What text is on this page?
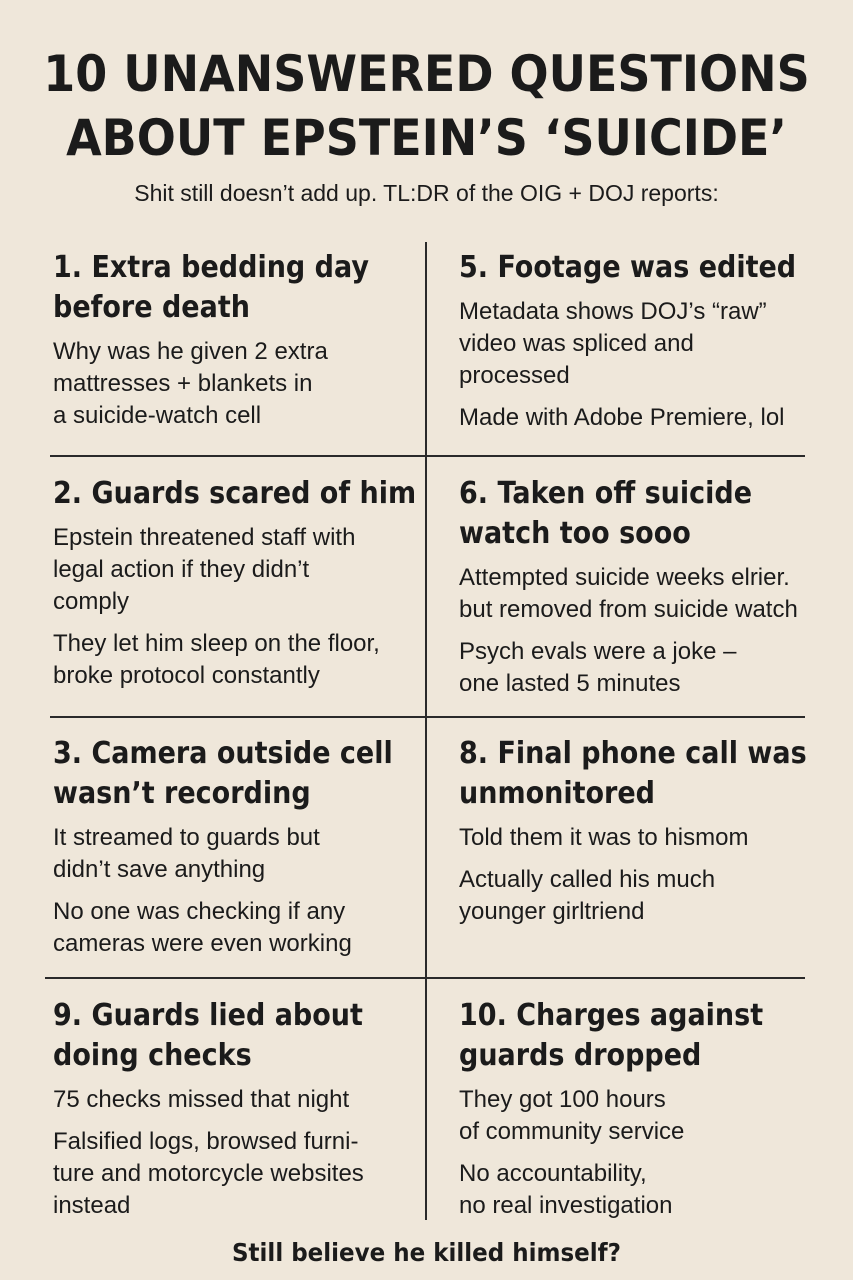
10 UNANSWERED QUESTIONS
ABOUT EPSTEIN’S ‘SUICIDE’
Shit still doesn’t add up. TL:DR of the OIG + DOJ reports:
1. Extra bedding day
before death
Why was he given 2 extra
mattresses + blankets in
a suicide-watch cell
5. Footage was edited
Metadata shows DOJ’s “raw”
video was spliced and
processed
Made with Adobe Premiere, lol
2. Guards scared of him
Epstein threatened staff with
legal action if they didn’t
comply
They let him sleep on the floor,
broke protocol constantly
6. Taken off suicide
watch too sooo
Attempted suicide weeks elrier.
but removed from suicide watch
Psych evals were a joke –
one lasted 5 minutes
3. Camera outside cell
wasn’t recording
It streamed to guards but
didn’t save anything
No one was checking if any
cameras were even working
8. Final phone call was
unmonitored
Told them it was to hismom
Actually called his much
younger girltriend
9. Guards lied about
doing checks
75 checks missed that night
Falsified logs, browsed furni-
ture and motorcycle websites
instead
10. Charges against
guards dropped
They got 100 hours
of community service
No accountability,
no real investigation
Still believe he killed himself?
